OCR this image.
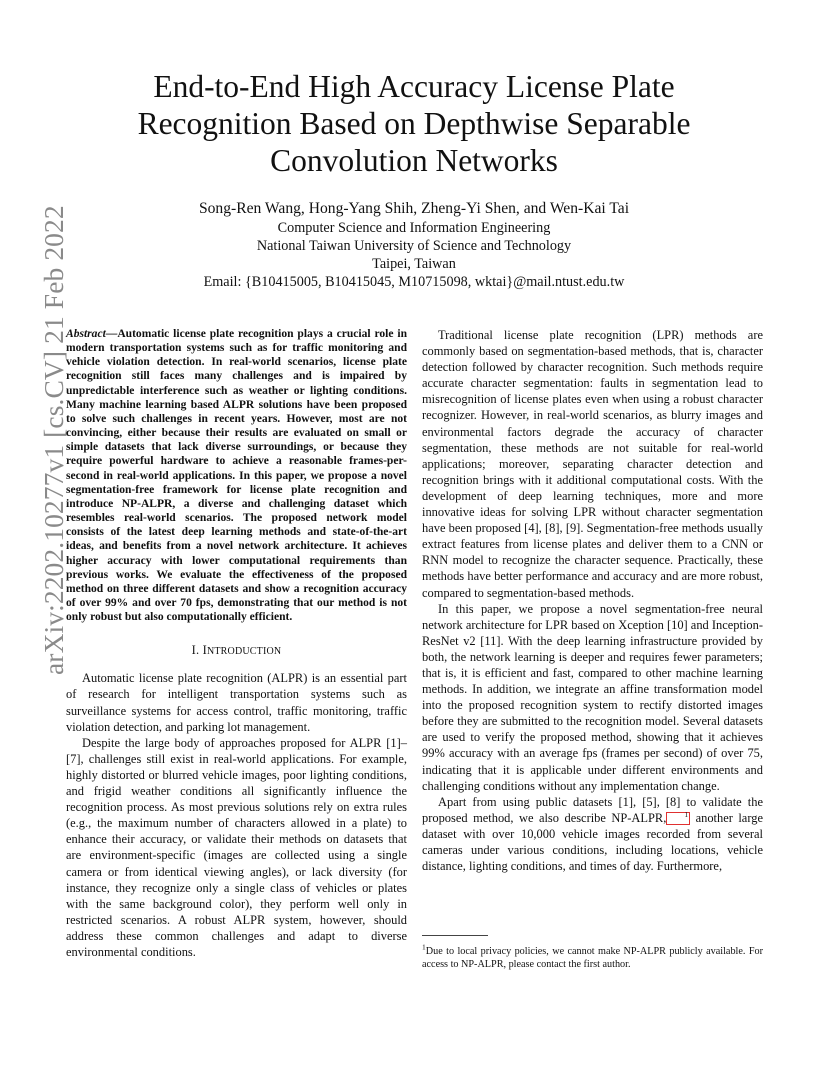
arXiv:2202.10277v1 [cs.CV] 21 Feb 2022
End-to-End High Accuracy License Plate
Recognition Based on Depthwise Separable
Convolution Networks
Song-Ren Wang, Hong-Yang Shih, Zheng-Yi Shen, and Wen-Kai Tai
Computer Science and Information Engineering
National Taiwan University of Science and Technology
Taipei, Taiwan
Email: {B10415005, B10415045, M10715098, wktai}@mail.ntust.edu.tw

Abstract—Automatic license plate recognition plays a crucial role in modern transportation systems such as for traffic monitoring and vehicle violation detection. In real-world scenarios, license plate recognition still faces many challenges and is impaired by unpredictable interference such as weather or lighting conditions. Many machine learning based ALPR solutions have been proposed to solve such challenges in recent years. However, most are not convincing, either because their results are evaluated on small or simple datasets that lack diverse surroundings, or because they require powerful hardware to achieve a reasonable frames-per-second in real-world applications. In this paper, we propose a novel segmentation-free framework for license plate recognition and introduce NP-ALPR, a diverse and challenging dataset which resembles real-world scenarios. The proposed network model consists of the latest deep learning methods and state-of-the-art ideas, and benefits from a novel network architecture. It achieves higher accuracy with lower computational requirements than previous works. We evaluate the effectiveness of the proposed method on three different datasets and show a recognition accuracy of over 99% and over 70 fps, demonstrating that our method is not only robust but also computationally efficient.

I. INTRODUCTION

Automatic license plate recognition (ALPR) is an essential part of research for intelligent transportation systems such as surveillance systems for access control, traffic monitoring, traffic violation detection, and parking lot management.

Despite the large body of approaches proposed for ALPR [1]–[7], challenges still exist in real-world applications. For example, highly distorted or blurred vehicle images, poor lighting conditions, and frigid weather conditions all significantly influence the recognition process. As most previous solutions rely on extra rules (e.g., the maximum number of characters allowed in a plate) to enhance their accuracy, or validate their methods on datasets that are environment-specific (images are collected using a single camera or from identical viewing angles), or lack diversity (for instance, they recognize only a single class of vehicles or plates with the same background color), they perform well only in restricted scenarios. A robust ALPR system, however, should address these common challenges and adapt to diverse environmental conditions.

Traditional license plate recognition (LPR) methods are commonly based on segmentation-based methods, that is, character detection followed by character recognition. Such methods require accurate character segmentation: faults in segmentation lead to misrecognition of license plates even when using a robust character recognizer. However, in real-world scenarios, as blurry images and environmental factors degrade the accuracy of character segmentation, these methods are not suitable for real-world applications; moreover, separating character detection and recognition brings with it additional computational costs. With the development of deep learning techniques, more and more innovative ideas for solving LPR without character segmentation have been proposed [4], [8], [9]. Segmentation-free methods usually extract features from license plates and deliver them to a CNN or RNN model to recognize the character sequence. Practically, these methods have better performance and accuracy and are more robust, compared to segmentation-based methods.

In this paper, we propose a novel segmentation-free neural network architecture for LPR based on Xception [10] and Inception-ResNet v2 [11]. With the deep learning infrastructure provided by both, the network learning is deeper and requires fewer parameters; that is, it is efficient and fast, compared to other machine learning methods. In addition, we integrate an affine transformation model into the proposed recognition system to rectify distorted images before they are submitted to the recognition model. Several datasets are used to verify the proposed method, showing that it achieves 99% accuracy with an average fps (frames per second) of over 75, indicating that it is applicable under different environments and challenging conditions without any implementation change.

Apart from using public datasets [1], [5], [8] to validate the proposed method, we also describe NP-ALPR, $^1$ another large dataset with over 10,000 vehicle images recorded from several cameras under various conditions, including locations, vehicle distance, lighting conditions, and times of day. Furthermore,

$^1$Due to local privacy policies, we cannot make NP-ALPR publicly available. For access to NP-ALPR, please contact the first author.
